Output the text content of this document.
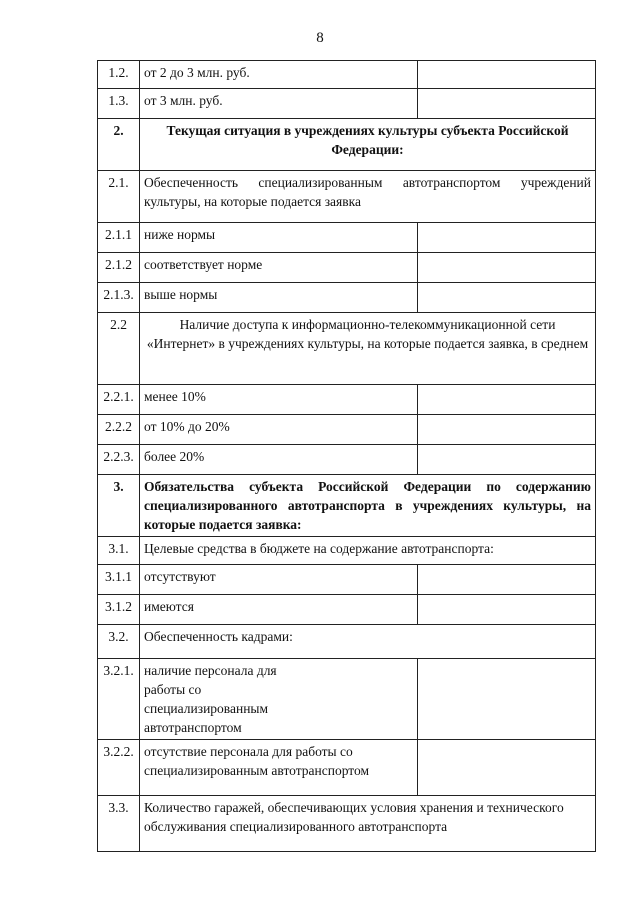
8
1.2.	от 2 до 3 млн. руб.	
1.3.	от 3 млн. руб.	
2.	Текущая ситуация в учреждениях культуры субъекта Российской Федерации:	
2.1.	Обеспеченность специализированным автотранспортом учреждений культуры, на которые подается заявка	
2.1.1	ниже нормы	
2.1.2	соответствует норме	
2.1.3.	выше нормы	
2.2	Наличие доступа к информационно-телекоммуникационной сети «Интернет» в учреждениях культуры, на которые подается заявка, в среднем	
2.2.1.	менее 10%	
2.2.2	от 10% до 20%	
2.2.3.	более 20%	
3.	Обязательства субъекта Российской Федерации по содержанию специализированного автотранспорта в учреждениях культуры, на которые подается заявка:	
3.1.	Целевые средства в бюджете на содержание автотранспорта:	
3.1.1	отсутствуют	
3.1.2	имеются	
3.2.	Обеспеченность кадрами:	
3.2.1.	наличие персонала для работы со специализированным автотранспортом	
3.2.2.	отсутствие персонала для работы со специализированным автотранспортом	
3.3.	Количество гаражей, обеспечивающих условия хранения и технического обслуживания специализированного автотранспорта	
